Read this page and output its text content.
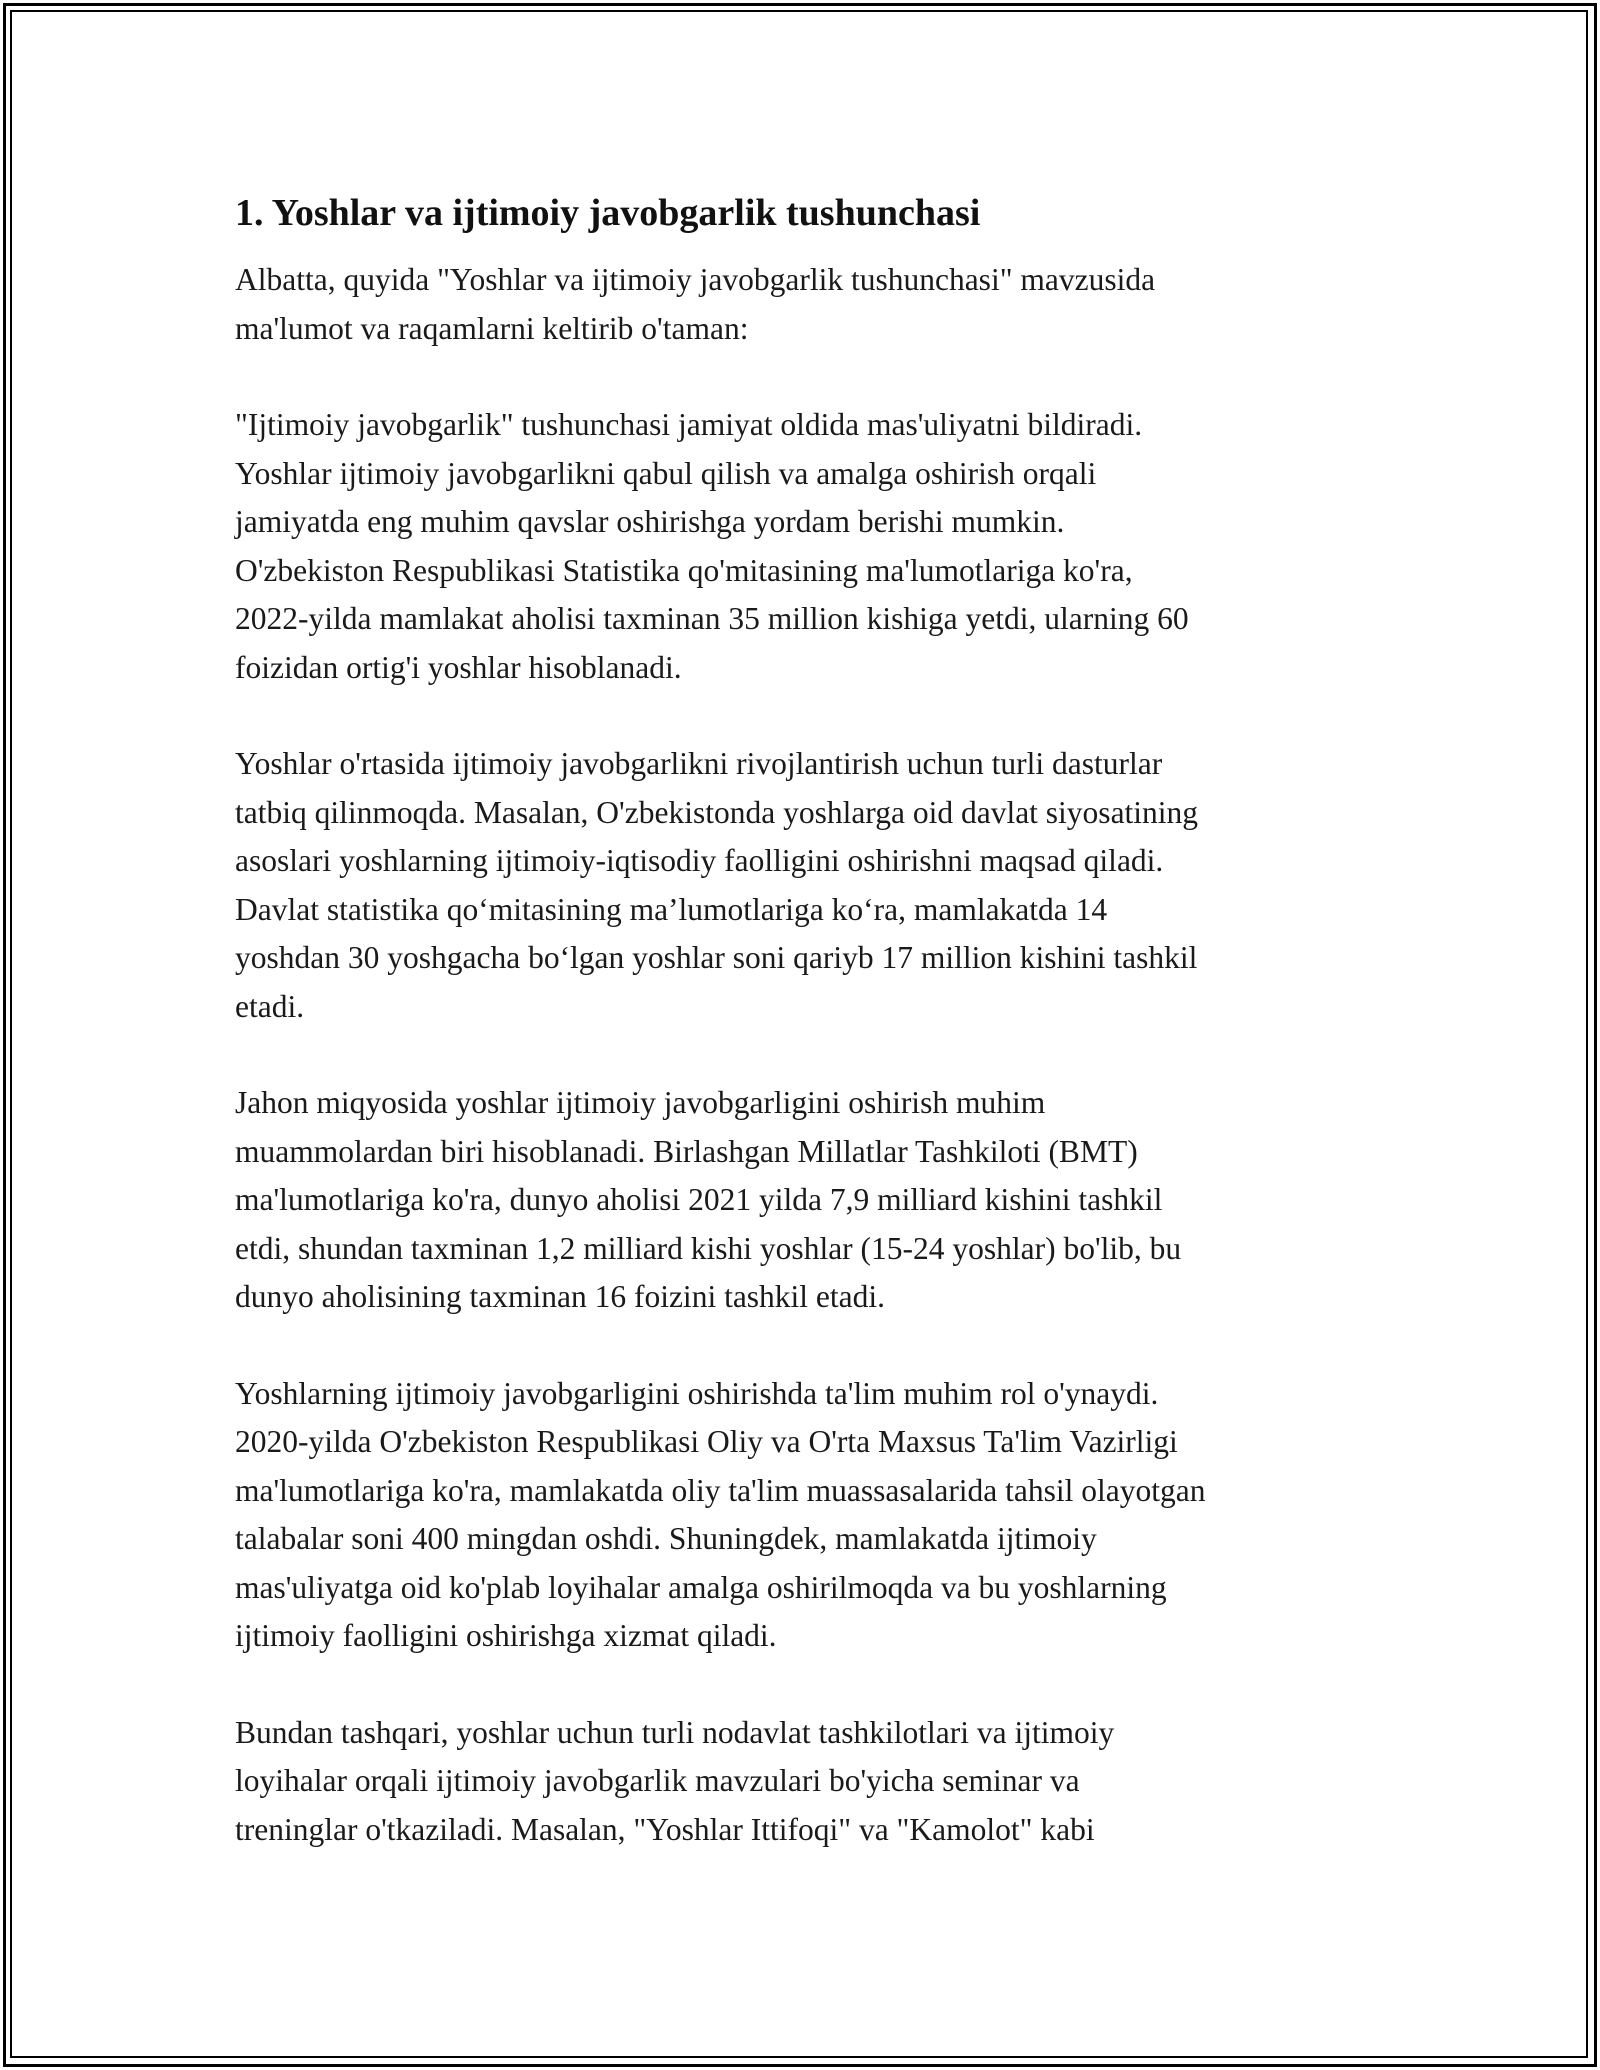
1. Yoshlar va ijtimoiy javobgarlik tushunchasi

Albatta, quyida "Yoshlar va ijtimoiy javobgarlik tushunchasi" mavzusida
ma'lumot va raqamlarni keltirib o'taman:

"Ijtimoiy javobgarlik" tushunchasi jamiyat oldida mas'uliyatni bildiradi.
Yoshlar ijtimoiy javobgarlikni qabul qilish va amalga oshirish orqali
jamiyatda eng muhim qavslar oshirishga yordam berishi mumkin.
O'zbekiston Respublikasi Statistika qo'mitasining ma'lumotlariga ko'ra,
2022-yilda mamlakat aholisi taxminan 35 million kishiga yetdi, ularning 60
foizidan ortig'i yoshlar hisoblanadi.

Yoshlar o'rtasida ijtimoiy javobgarlikni rivojlantirish uchun turli dasturlar
tatbiq qilinmoqda. Masalan, O'zbekistonda yoshlarga oid davlat siyosatining
asoslari yoshlarning ijtimoiy-iqtisodiy faolligini oshirishni maqsad qiladi.
Davlat statistika qo‘mitasining ma’lumotlariga ko‘ra, mamlakatda 14
yoshdan 30 yoshgacha bo‘lgan yoshlar soni qariyb 17 million kishini tashkil
etadi.

Jahon miqyosida yoshlar ijtimoiy javobgarligini oshirish muhim
muammolardan biri hisoblanadi. Birlashgan Millatlar Tashkiloti (BMT)
ma'lumotlariga ko'ra, dunyo aholisi 2021 yilda 7,9 milliard kishini tashkil
etdi, shundan taxminan 1,2 milliard kishi yoshlar (15-24 yoshlar) bo'lib, bu
dunyo aholisining taxminan 16 foizini tashkil etadi.

Yoshlarning ijtimoiy javobgarligini oshirishda ta'lim muhim rol o'ynaydi.
2020-yilda O'zbekiston Respublikasi Oliy va O'rta Maxsus Ta'lim Vazirligi
ma'lumotlariga ko'ra, mamlakatda oliy ta'lim muassasalarida tahsil olayotgan
talabalar soni 400 mingdan oshdi. Shuningdek, mamlakatda ijtimoiy
mas'uliyatga oid ko'plab loyihalar amalga oshirilmoqda va bu yoshlarning
ijtimoiy faolligini oshirishga xizmat qiladi.

Bundan tashqari, yoshlar uchun turli nodavlat tashkilotlari va ijtimoiy
loyihalar orqali ijtimoiy javobgarlik mavzulari bo'yicha seminar va
treninglar o'tkaziladi. Masalan, "Yoshlar Ittifoqi" va "Kamolot" kabi
